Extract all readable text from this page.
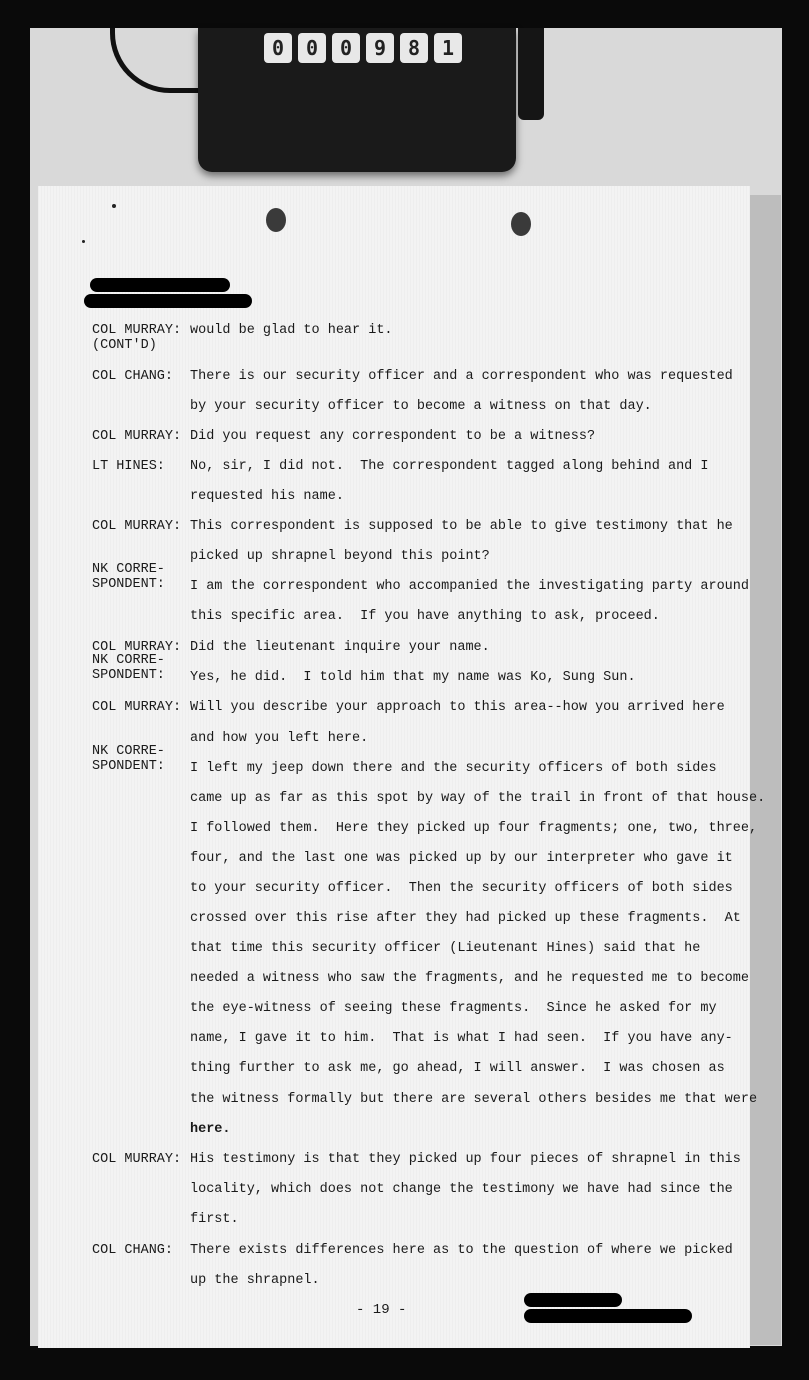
0	0	0	9	8	1
COL MURRAY: would be glad to hear it.
(CONT'D)
COL CHANG:	There is our security officer and a correspondent who was requested
by your security officer to become a witness on that day.
COL MURRAY: Did you request any correspondent to be a witness?
LT HINES:	No, sir, I did not.  The correspondent tagged along behind and I
requested his name.
COL MURRAY: This correspondent is supposed to be able to give testimony that he
picked up shrapnel beyond this point?
NK CORRE-
SPONDENT:	I am the correspondent who accompanied the investigating party around
this specific area.  If you have anything to ask, proceed.
COL MURRAY: Did the lieutenant inquire your name.
NK CORRE-
SPONDENT:	Yes, he did.  I told him that my name was Ko, Sung Sun.
COL MURRAY: Will you describe your approach to this area--how you arrived here
and how you left here.
NK CORRE-
SPONDENT:	I left my jeep down there and the security officers of both sides
came up as far as this spot by way of the trail in front of that house.
I followed them.  Here they picked up four fragments; one, two, three,
four, and the last one was picked up by our interpreter who gave it
to your security officer.  Then the security officers of both sides
crossed over this rise after they had picked up these fragments.  At
that time this security officer (Lieutenant Hines) said that he
needed a witness who saw the fragments, and he requested me to become
the eye-witness of seeing these fragments.  Since he asked for my
name, I gave it to him.  That is what I had seen.  If you have any-
thing further to ask me, go ahead, I will answer.  I was chosen as
the witness formally but there are several others besides me that were
here.
COL MURRAY: His testimony is that they picked up four pieces of shrapnel in this
locality, which does not change the testimony we have had since the
first.
COL CHANG:	There exists differences here as to the question of where we picked
up the shrapnel.
- 19 -
